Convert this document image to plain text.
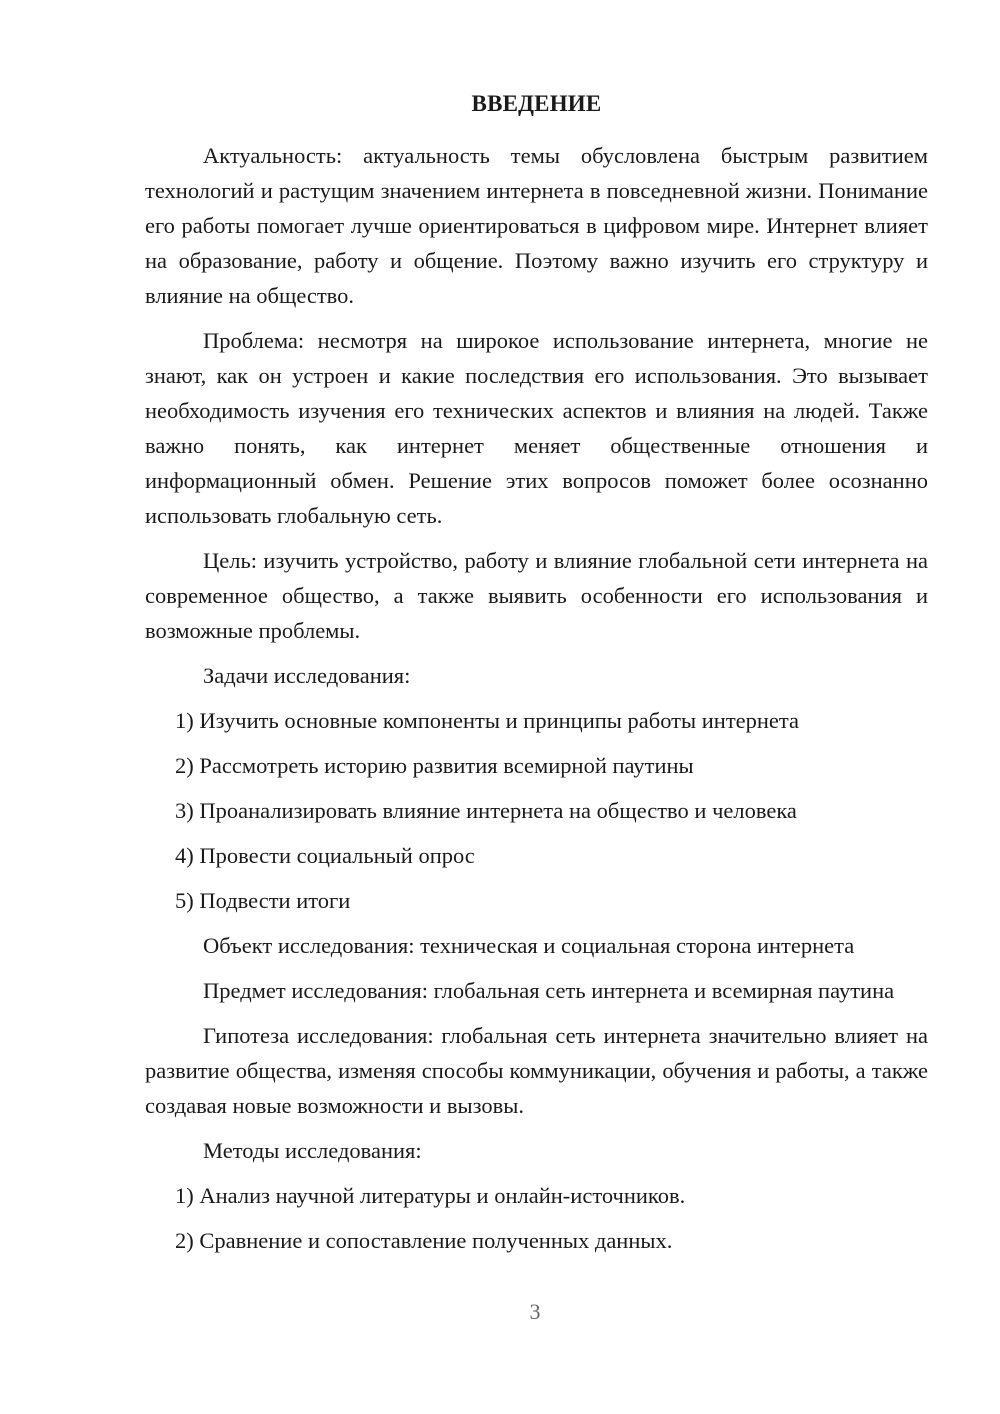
ВВЕДЕНИЕ

Актуальность: актуальность темы обусловлена быстрым развитием технологий и растущим значением интернета в повседневной жизни. Понимание его работы помогает лучше ориентироваться в цифровом мире. Интернет влияет на образование, работу и общение. Поэтому важно изучить его структуру и влияние на общество.

Проблема: несмотря на широкое использование интернета, многие не знают, как он устроен и какие последствия его использования. Это вызывает необходимость изучения его технических аспектов и влияния на людей. Также важно понять, как интернет меняет общественные отношения и информационный обмен. Решение этих вопросов поможет более осознанно использовать глобальную сеть.

Цель: изучить устройство, работу и влияние глобальной сети интернета на современное общество, а также выявить особенности его использования и возможные проблемы.

Задачи исследования:

1) Изучить основные компоненты и принципы работы интернета

2) Рассмотреть историю развития всемирной паутины

3) Проанализировать влияние интернета на общество и человека

4) Провести социальный опрос

5) Подвести итоги

Объект исследования: техническая и социальная сторона интернета

Предмет исследования: глобальная сеть интернета и всемирная паутина

Гипотеза исследования: глобальная сеть интернета значительно влияет на развитие общества, изменяя способы коммуникации, обучения и работы, а также создавая новые возможности и вызовы.

Методы исследования:

1) Анализ научной литературы и онлайн-источников.

2) Сравнение и сопоставление полученных данных.

3
